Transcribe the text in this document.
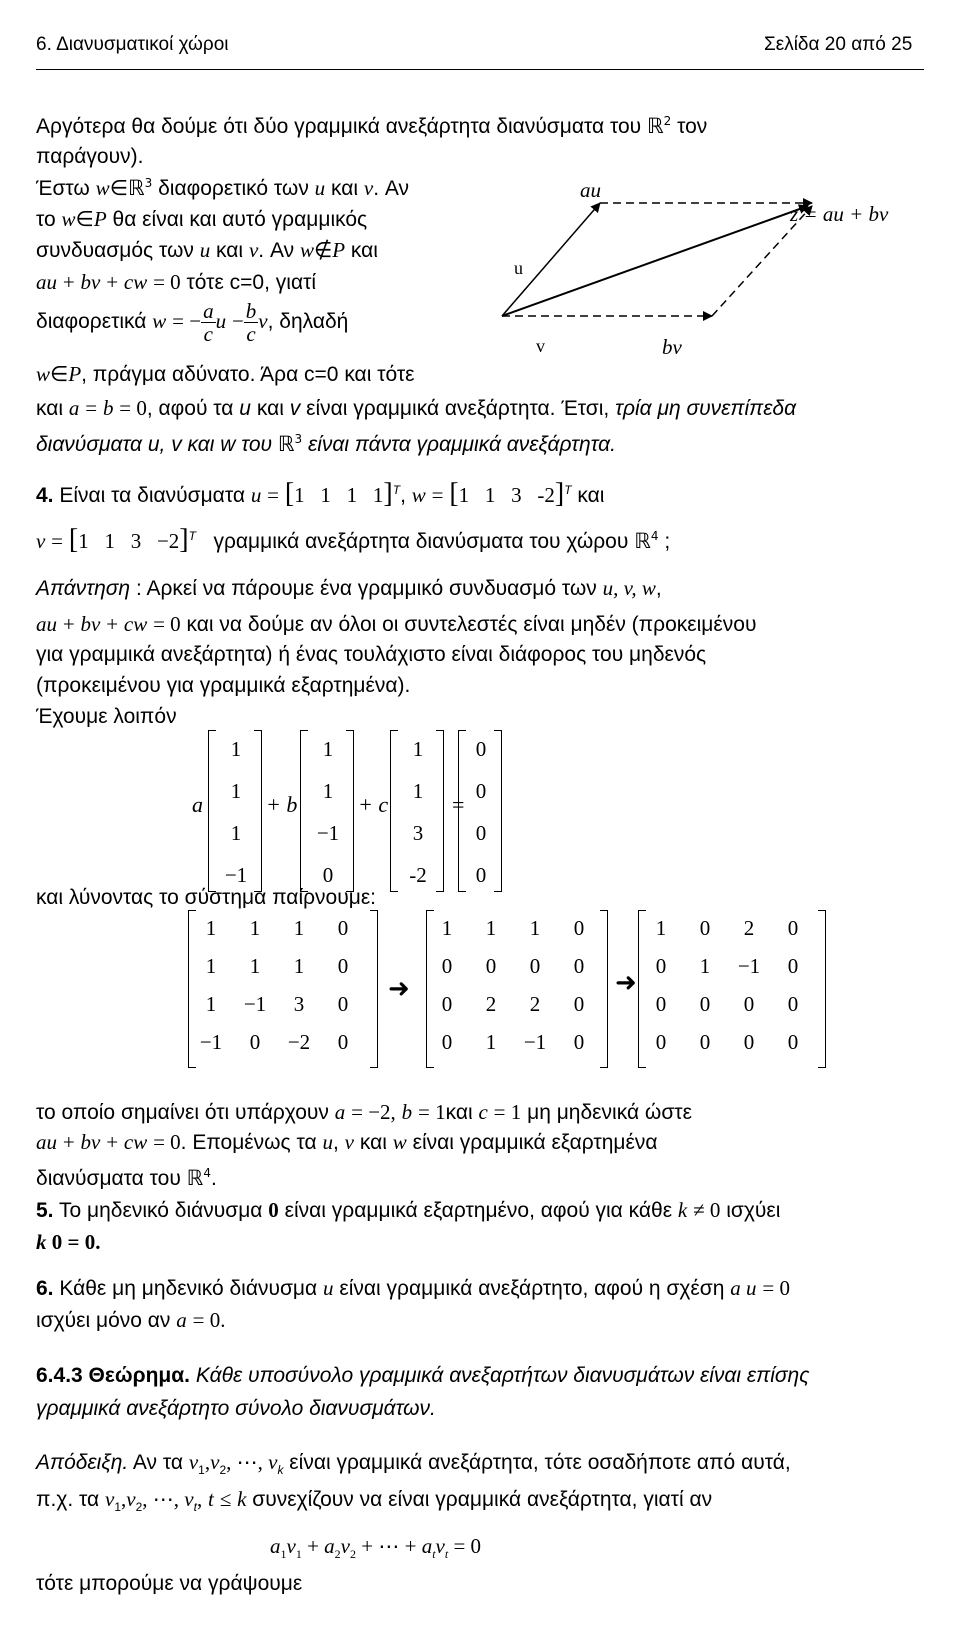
6. Διανυσματικοί χώροι	Σελίδα 20 από 25
Αργότερα θα δούμε ότι δύο γραμμικά ανεξάρτητα διανύσματα του ℝ$^2$ τον
παράγουν).
Έστω w∈ℝ$^3$ διαφορετικό των u και v. Αν
το w∈P θα είναι και αυτό γραμμικός
συνδυασμός των u και v. Αν w∉P και
au + bv + cw = 0 τότε c=0, γιατί
διαφορετικά w = − $\frac{a}{c}$ $u - \frac{b}{c} v$, δηλαδή
w∈P, πράγμα αδύνατο. Άρα c=0 και τότε
και a = b = 0, αφού τα u και v είναι γραμμικά ανεξάρτητα. Έτσι, τρία μη συνεπίπεδα
διανύσματα u, v και w του ℝ$^3$ είναι πάντα γραμμικά ανεξάρτητα.
au
bv
u
v
z = au + bv
4. Είναι τα διανύσματα u = [1 1 1 1]$^T$, w = [1 1 3 -2]$^T$ και
v = [1 1 3 −2]$^T$ γραμμικά ανεξάρτητα διανύσματα του χώρου ℝ$^4$ ;
Απάντηση : Αρκεί να πάρουμε ένα γραμμικό συνδυασμό των u, v, w,
au + bv + cw = 0 και να δούμε αν όλοι οι συντελεστές είναι μηδέν (προκειμένου
για γραμμικά ανεξάρτητα) ή ένας τουλάχιστο είναι διάφορος του μηδενός
(προκειμένου για γραμμικά εξαρτημένα).
Έχουμε λοιπόν
a
1
1
1
−1
+ b
1
1
−1
0
+ c
1
1
3
-2
=
0
0
0
0
και λύνοντας το σύστημα παίρνουμε:
1	1	1	0
1	1	1	0
1	−1	3	0
−1	0	−2	0
➜
1	1	1	0
0	0	0	0
0	2	2	0
0	1	−1	0
➜
1	0	2	0
0	1	−1	0
0	0	0	0
0	0	0	0
το οποίο σημαίνει ότι υπάρχουν a = −2, b = 1και c = 1 μη μηδενικά ώστε
au + bv + cw = 0. Επομένως τα u, v και w είναι γραμμικά εξαρτημένα
διανύσματα του ℝ$^4$.
5. Το μηδενικό διάνυσμα 0 είναι γραμμικά εξαρτημένο, αφού για κάθε k ≠ 0 ισχύει
k 0 = 0.
6. Κάθε μη μηδενικό διάνυσμα u είναι γραμμικά ανεξάρτητο, αφού η σχέση a u = 0
ισχύει μόνο αν a = 0.
6.4.3 Θεώρημα. Κάθε υποσύνολο γραμμικά ανεξαρτήτων διανυσμάτων είναι επίσης
γραμμικά ανεξάρτητο σύνολο διανυσμάτων.
Απόδειξη. Αν τα $v_1,v_2$, ⋯, $v_k$ είναι γραμμικά ανεξάρτητα, τότε οσαδήποτε από αυτά,
π.χ. τα $v_1,v_2$, ⋯, $v_t$, t ≤ k συνεχίζουν να είναι γραμμικά ανεξάρτητα, γιατί αν
$a_1v_1 + a_2v_2$ + ⋯ + $a_tv_t = 0$
τότε μπορούμε να γράψουμε
